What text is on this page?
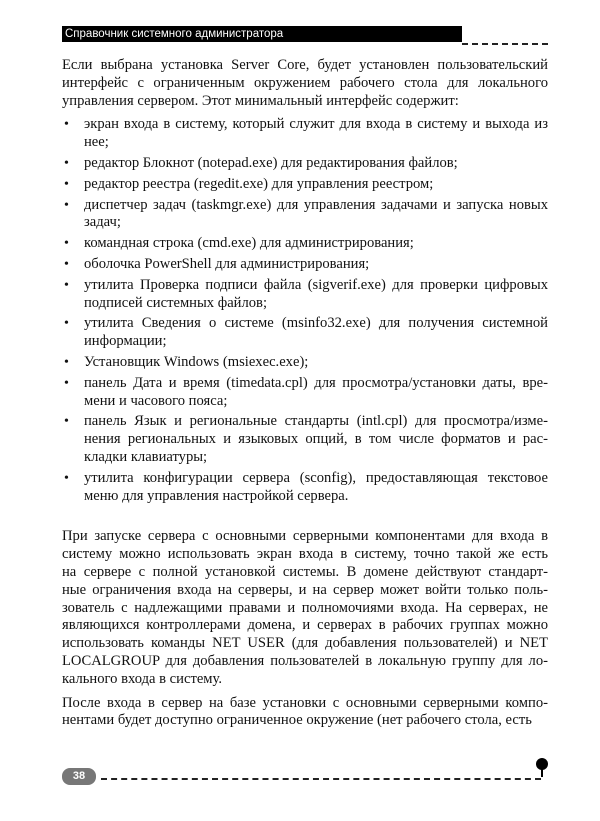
Справочник системного администратора
Если выбрана установка Server Core, будет установлен пользовательский
интерфейс с ограниченным окружением рабочего стола для локального
управления сервером. Этот минимальный интерфейс содержит:
• экран входа в систему, который служит для входа в систему и выхода из
нее;
• редактор Блокнот (notepad.exe) для редактирования файлов;
• редактор реестра (regedit.exe) для управления реестром;
• диспетчер задач (taskmgr.exe) для управления задачами и запуска новых
задач;
• командная строка (cmd.exe) для администрирования;
• оболочка PowerShell для администрирования;
• утилита Проверка подписи файла (sigverif.exe) для проверки цифровых
подписей системных файлов;
• утилита Сведения о системе (msinfo32.exe) для получения системной
информации;
• Установщик Windows (msiexec.exe);
• панель Дата и время (timedata.cpl) для просмотра/установки даты, вре-
мени и часового пояса;
• панель Язык и региональные стандарты (intl.cpl) для просмотра/изме-
нения региональных и языковых опций, в том числе форматов и рас-
кладки клавиатуры;
• утилита конфигурации сервера (sconfig), предоставляющая текстовое
меню для управления настройкой сервера.
При запуске сервера с основными серверными компонентами для входа в
систему можно использовать экран входа в систему, точно такой же есть
на сервере с полной установкой системы. В домене действуют стандарт-
ные ограничения входа на серверы, и на сервер может войти только поль-
зователь с надлежащими правами и полномочиями входа. На серверах, не
являющихся контроллерами домена, и серверах в рабочих группах можно
использовать команды NET USER (для добавления пользователей) и NET
LOCALGROUP для добавления пользователей в локальную группу для ло-
кального входа в систему.
После входа в сервер на базе установки с основными серверными компо-
нентами будет доступно ограниченное окружение (нет рабочего стола, есть
38
